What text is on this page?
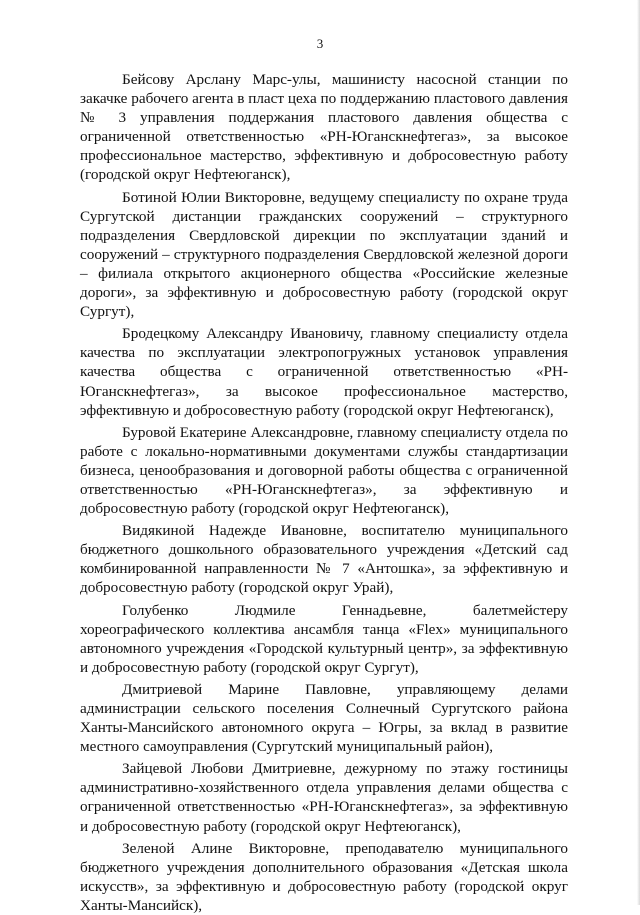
3

Бейсову Арслану Марс-улы, машинисту насосной станции по закачке рабочего агента в пласт цеха по поддержанию пластового давления № 3 управления поддержания пластового давления общества с ограниченной ответственностью «РН-Юганскнефтегаз», за высокое профессиональное мастерство, эффективную и добросовестную работу (городской округ Нефтеюганск),

Ботиной Юлии Викторовне, ведущему специалисту по охране труда Сургутской дистанции гражданских сооружений – структурного подразделения Свердловской дирекции по эксплуатации зданий и сооружений – структурного подразделения Свердловской железной дороги – филиала открытого акционерного общества «Российские железные дороги», за эффективную и добросовестную работу (городской округ Сургут),

Бродецкому Александру Ивановичу, главному специалисту отдела качества по эксплуатации электропогружных установок управления качества общества с ограниченной ответственностью «РН-Юганскнефтегаз», за высокое профессиональное мастерство, эффективную и добросовестную работу (городской округ Нефтеюганск),

Буровой Екатерине Александровне, главному специалисту отдела по работе с локально-нормативными документами службы стандартизации бизнеса, ценообразования и договорной работы общества с ограниченной ответственностью «РН-Юганскнефтегаз», за эффективную и добросовестную работу (городской округ Нефтеюганск),

Видякиной Надежде Ивановне, воспитателю муниципального бюджетного дошкольного образовательного учреждения «Детский сад комбинированной направленности № 7 «Антошка», за эффективную и добросовестную работу (городской округ Урай),

Голубенко Людмиле Геннадьевне, балетмейстеру хореографического коллектива ансамбля танца «Flex» муниципального автономного учреждения «Городской культурный центр», за эффективную и добросовестную работу (городской округ Сургут),

Дмитриевой Марине Павловне, управляющему делами администрации сельского поселения Солнечный Сургутского района Ханты-Мансийского автономного округа – Югры, за вклад в развитие местного самоуправления (Сургутский муниципальный район),

Зайцевой Любови Дмитриевне, дежурному по этажу гостиницы административно-хозяйственного отдела управления делами общества с ограниченной ответственностью «РН-Юганскнефтегаз», за эффективную и добросовестную работу (городской округ Нефтеюганск),

Зеленой Алине Викторовне, преподавателю муниципального бюджетного учреждения дополнительного образования «Детская школа искусств», за эффективную и добросовестную работу (городской округ Ханты-Мансийск),
